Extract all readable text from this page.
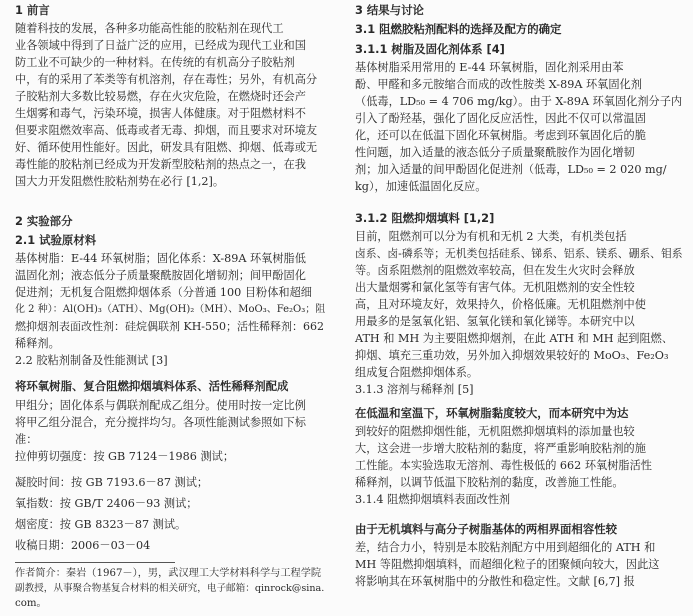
1 前言
随着科技的发展，各种多功能高性能的胶粘剂在现代工
业各领域中得到了日益广泛的应用，已经成为现代工业和国
防工业不可缺少的一种材料。在传统的有机高分子胶粘剂
中，有的采用了苯类等有机溶剂，存在毒性；另外，有机高分
子胶粘剂大多数比较易燃，存在火灾危险，在燃烧时还会产
生烟雾和毒气，污染环境，损害人体健康。对于阻燃材料不
但要求阻燃效率高、低毒或者无毒、抑烟，而且要求对环境友
好、循环使用性能好。因此，研发具有阻燃、抑烟、低毒或无
毒性能的胶粘剂已经成为开发新型胶粘剂的热点之一，在我
国大力开发阻燃性胶粘剂势在必行 [1,2]。
2 实验部分
2.1 试验原材料
基体树脂：E-44 环氧树脂；固化体系：X-89A 环氧树脂低
温固化剂；液态低分子质量聚酰胺固化增韧剂；间甲酚固化
促进剂；无机复合阻燃抑烟体系（分普通 100 目粉体和超细
化 2 种）：Al(OH)₃（ATH）、Mg(OH)₂（MH）、MoO₃、Fe₂O₃；阻
燃抑烟剂表面改性剂：硅烷偶联剂 KH-550；活性稀释剂：662
稀释剂。
2.2 胶粘剂制备及性能测试 [3]
将环氧树脂、复合阻燃抑烟填料体系、活性稀释剂配成
甲组分；固化体系与偶联剂配成乙组分。使用时按一定比例
将甲乙组分混合，充分搅拌均匀。各项性能测试参照如下标
准：
拉伸剪切强度：按 GB 7124－1986 测试；
凝胶时间：按 GB 7193.6－87 测试；
氧指数：按 GB/T 2406－93 测试；
烟密度：按 GB 8323－87 测试。
收稿日期：2006－03－04
作者简介：秦岩（1967－），男，武汉理工大学材料科学与工程学院
副教授，从事聚合物基复合材料的相关研究，电子邮箱：qinrock@sina.
com。
3 结果与讨论
3.1 阻燃胶粘剂配料的选择及配方的确定
3.1.1 树脂及固化剂体系 [4]
基体树脂采用常用的 E-44 环氧树脂，固化剂采用由苯
酚、甲醛和多元胺缩合而成的改性胺类 X-89A 环氧固化剂
（低毒，LD₅₀ = 4 706 mg/kg）。由于 X-89A 环氧固化剂分子内
引入了酚羟基，强化了固化反应活性，因此不仅可以常温固
化，还可以在低温下固化环氧树脂。考虑到环氧固化后的脆
性问题，加入适量的液态低分子质量聚酰胺作为固化增韧
剂；加入适量的间甲酚固化促进剂（低毒，LD₅₀ = 2 020 mg/
kg），加速低温固化反应。
3.1.2 阻燃抑烟填料 [1,2]
目前，阻燃剂可以分为有机和无机 2 大类，有机类包括
卤系、卤-磷系等；无机类包括硅系、锑系、铝系、镁系、硼系、钼系
等。卤系阻燃剂的阻燃效率较高，但在发生火灾时会释放
出大量烟雾和氯化氢等有害气体。无机阻燃剂的安全性较
高，且对环境友好，效果持久，价格低廉。无机阻燃剂中使
用最多的是氢氧化铝、氢氧化镁和氧化锑等。本研究中以
ATH 和 MH 为主要阻燃抑烟剂，在此 ATH 和 MH 起到阻燃、
抑烟、填充三重功效，另外加入抑烟效果较好的 MoO₃、Fe₂O₃
组成复合阻燃抑烟体系。
3.1.3 溶剂与稀释剂 [5]
在低温和室温下，环氧树脂黏度较大，而本研究中为达
到较好的阻燃抑烟性能，无机阻燃抑烟填料的添加量也较
大，这会进一步增大胶粘剂的黏度，将严重影响胶粘剂的施
工性能。本实验选取无溶剂、毒性极低的 662 环氧树脂活性
稀释剂，以调节低温下胶粘剂的黏度，改善施工性能。
3.1.4 阻燃抑烟填料表面改性剂
由于无机填料与高分子树脂基体的两相界面相容性较
差，结合力小，特别是本胶粘剂配方中用到超细化的 ATH 和
MH 等阻燃抑烟填料，而超细化粒子的团聚倾向较大，因此这
将影响其在环氧树脂中的分散性和稳定性。文献 [6,7] 报
